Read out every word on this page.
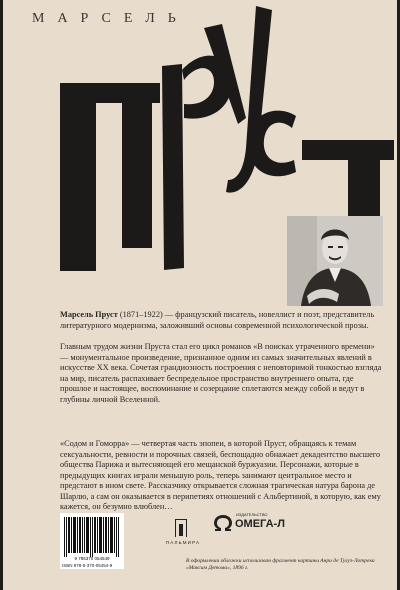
МАРСЕЛЬ

Марсель Пруст (1871–1922) — французский писатель, новеллист и поэт, представитель литературного модернизма, заложивший основы современной психологической прозы.

Главным трудом жизни Пруста стал его цикл романов «В поисках утраченного времени» — монументальное произведение, признанное одним из самых значительных явлений в искусстве XX века. Сочетая грандиозность построения с неповторимой тонкостью взгляда на мир, писатель распахивает беспредельное пространство внутреннего опыта, где прошлое и настоящее, воспоминание и созерцание сплетаются между собой и ведут в глубины личной Вселенной.

«Содом и Гоморра» — четвертая часть эпопеи, в которой Пруст, обращаясь к темам сексуальности, ревности и порочных связей, беспощадно обнажает декадентство высшего общества Парижа и вытесняющей его мещанской буржуазии. Персонажи, которые в предыдущих книгах играли меньшую роль, теперь занимают центральное место и предстают в ином свете. Рассказчику открывается сложная трагическая натура барона де Шарлю, а сам он оказывается в перипетиях отношений с Альбертиной, в которую, как ему кажется, он безумно влюблен…

9 785370 054549
ISBN 978-5-370-05454-9
ПАЛЬМИРА
ИЗДАТЕЛЬСТВО
ОМЕГА-Л

В оформлении обложки использован фрагмент картины Анри де Тулуз-Лотрека «Максим Детома», 1896 г.
